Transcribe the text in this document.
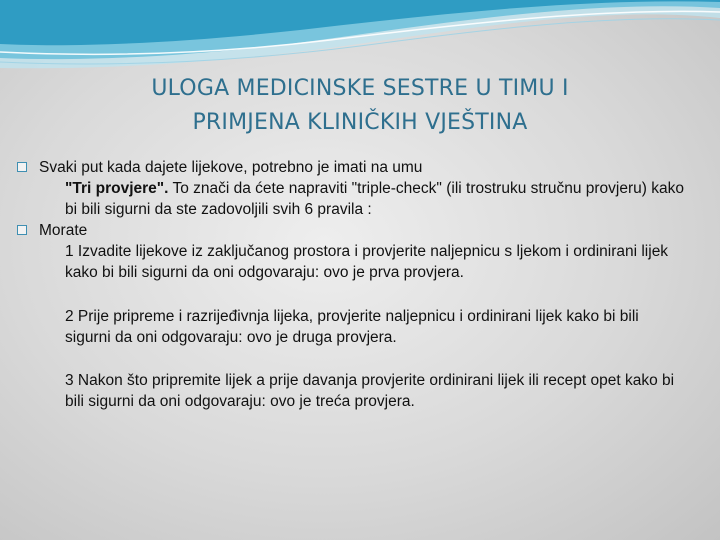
ULOGA MEDICINSKE SESTRE U TIMU I
PRIMJENA KLINIČKIH VJEŠTINA
Svaki put kada dajete lijekove, potrebno je imati na umu
"Tri provjere". To znači da ćete napraviti "triple-check" (ili trostruku stručnu provjeru) kako bi bili sigurni da ste zadovoljili svih 6 pravila :
Morate
1 Izvadite lijekove iz zaključanog prostora i provjerite naljepnicu s ljekom i ordinirani lijek kako bi bili sigurni da oni odgovaraju: ovo je prva provjera.
2 Prije pripreme i razrijeđivnja lijeka, provjerite naljepnicu i ordinirani lijek kako bi bili sigurni da oni odgovaraju: ovo je druga provjera.
3 Nakon što pripremite lijek a prije davanja provjerite ordinirani lijek ili recept opet kako bi bili sigurni da oni odgovaraju: ovo je treća provjera.
